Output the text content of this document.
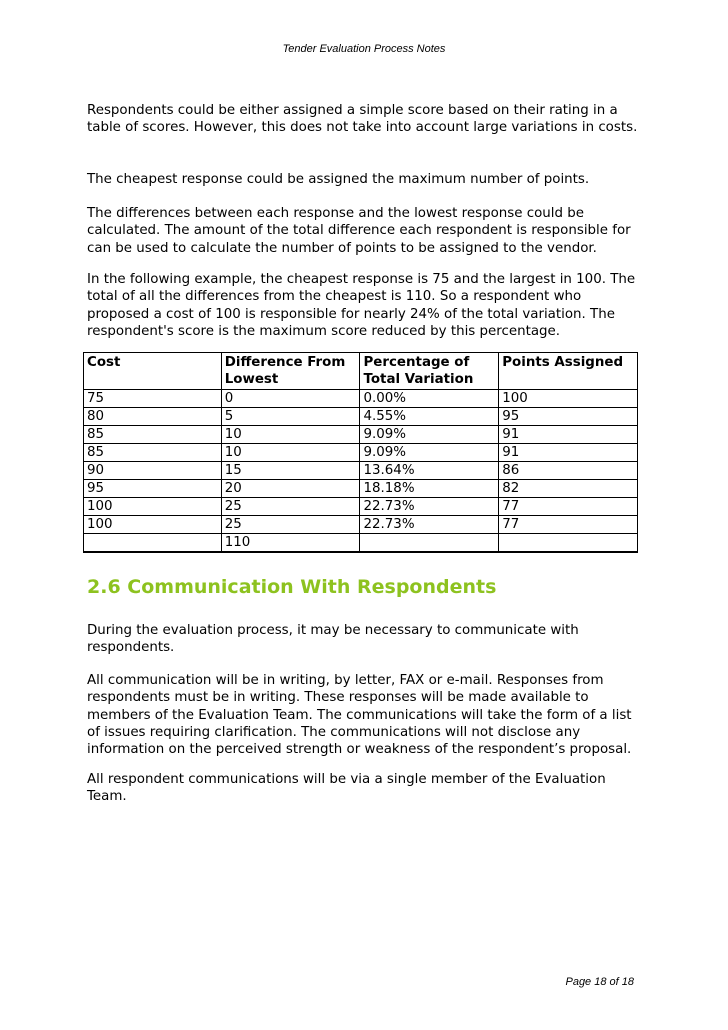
Tender Evaluation Process Notes

Respondents could be either assigned a simple score based on their rating in a table of scores. However, this does not take into account large variations in costs.

The cheapest response could be assigned the maximum number of points.

The differences between each response and the lowest response could be calculated. The amount of the total difference each respondent is responsible for can be used to calculate the number of points to be assigned to the vendor.

In the following example, the cheapest response is 75 and the largest in 100. The total of all the differences from the cheapest is 110. So a respondent who proposed a cost of 100 is responsible for nearly 24% of the total variation. The respondent's score is the maximum score reduced by this percentage.

Cost	Difference From Lowest	Percentage of Total Variation	Points Assigned
75	0	0.00%	100
80	5	4.55%	95
85	10	9.09%	91
85	10	9.09%	91
90	15	13.64%	86
95	20	18.18%	82
100	25	22.73%	77
100	25	22.73%	77
	110		
2.6 Communication With Respondents

During the evaluation process, it may be necessary to communicate with respondents.

All communication will be in writing, by letter, FAX or e-mail. Responses from respondents must be in writing. These responses will be made available to members of the Evaluation Team. The communications will take the form of a list of issues requiring clarification. The communications will not disclose any information on the perceived strength or weakness of the respondent’s proposal.

All respondent communications will be via a single member of the Evaluation Team.

Page 18 of 18
